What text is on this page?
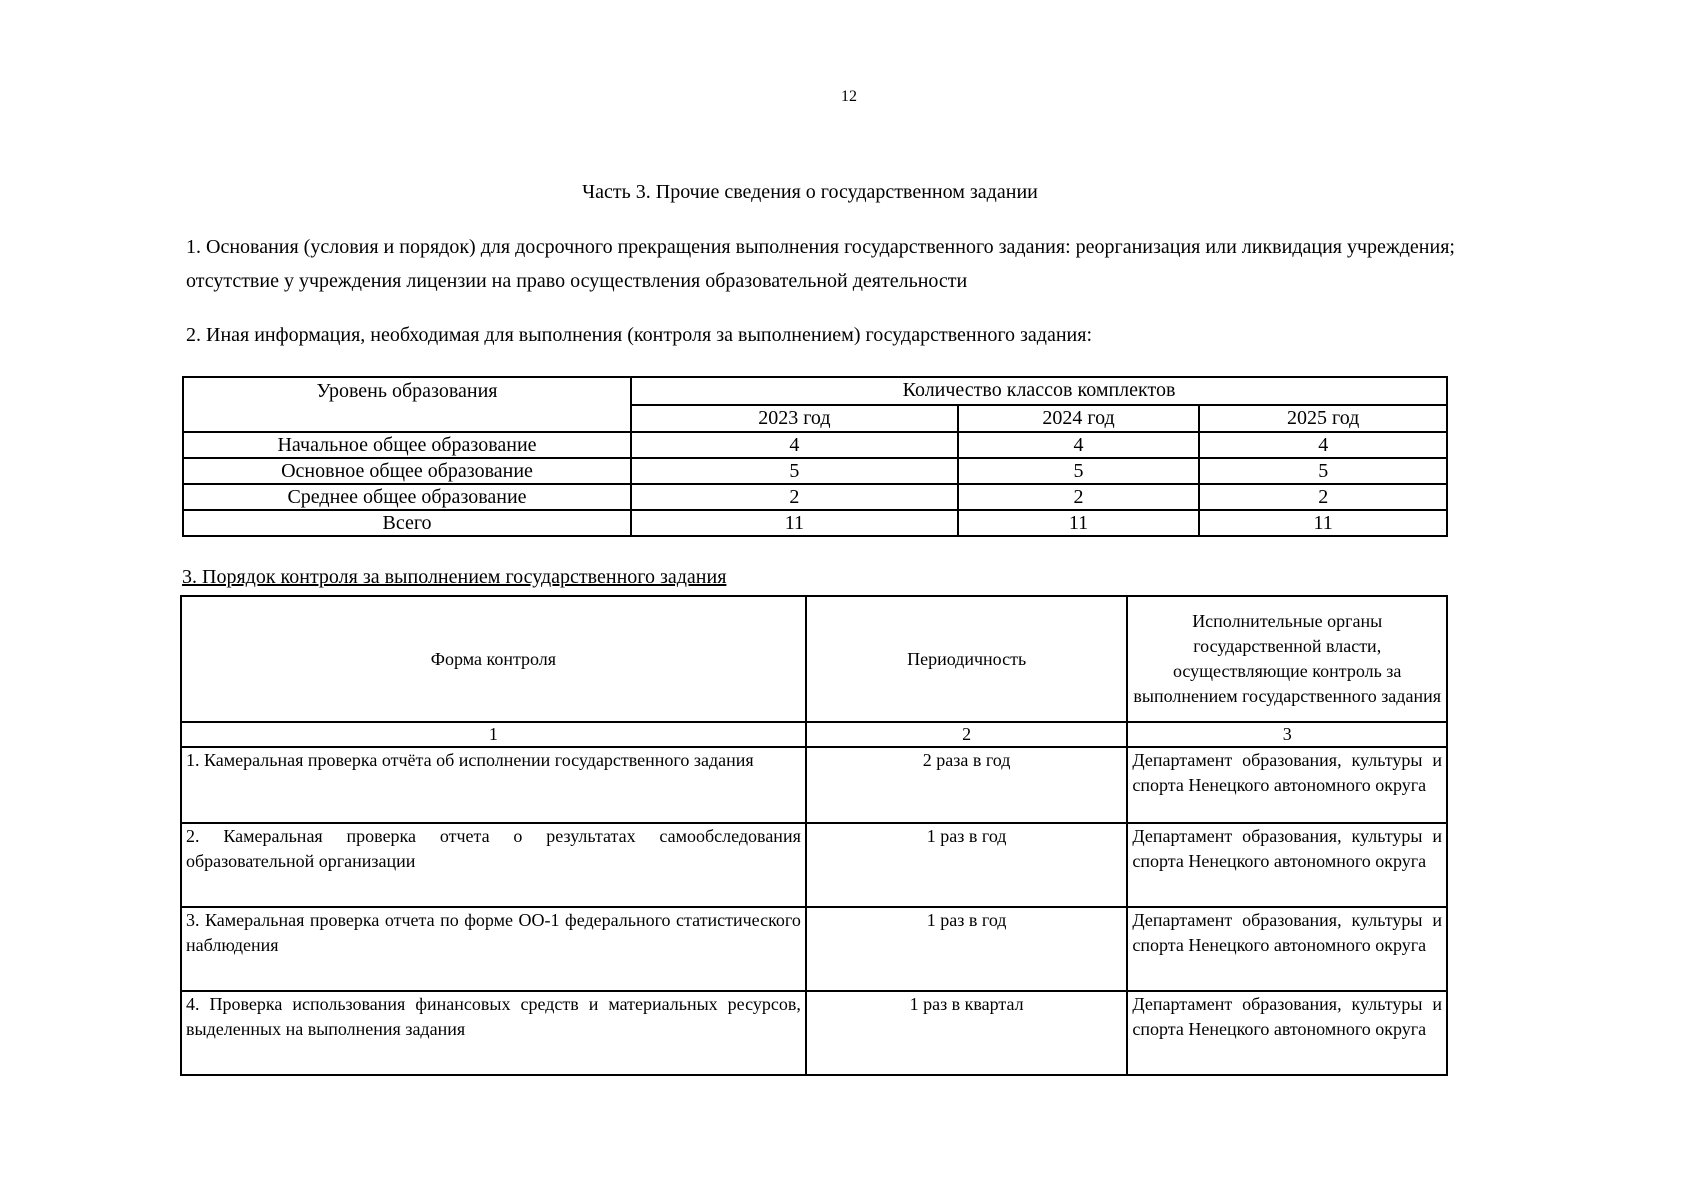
12
Часть 3. Прочие сведения о государственном задании
1. Основания (условия и порядок) для досрочного прекращения выполнения государственного задания: реорганизация или ликвидация учреждения; отсутствие у учреждения лицензии на право осуществления образовательной деятельности
2. Иная информация, необходимая для выполнения (контроля за выполнением) государственного задания:
Уровень образования	Количество классов комплектов		
	2023 год	2024 год	2025 год
Начальное общее образование	4	4	4
Основное общее образование	5	5	5
Среднее общее образование	2	2	2
Всего	11	11	11
3. Порядок контроля за выполнением государственного задания
Форма контроля	Периодичность	Исполнительные органы государственной власти, осуществляющие контроль за выполнением государственного задания
1	2	3
1. Камеральная проверка отчёта об исполнении государственного задания	2 раза в год	Департамент образования, культуры и спорта Ненецкого автономного округа
2. Камеральная проверка отчета о результатах самообследования образовательной организации	1 раз в год	Департамент образования, культуры и спорта Ненецкого автономного округа
3. Камеральная проверка отчета по форме ОО-1 федерального статистического наблюдения	1 раз в год	Департамент образования, культуры и спорта Ненецкого автономного округа
4. Проверка использования финансовых средств и материальных ресурсов, выделенных на выполнения задания	1 раз в квартал	Департамент образования, культуры и спорта Ненецкого автономного округа
